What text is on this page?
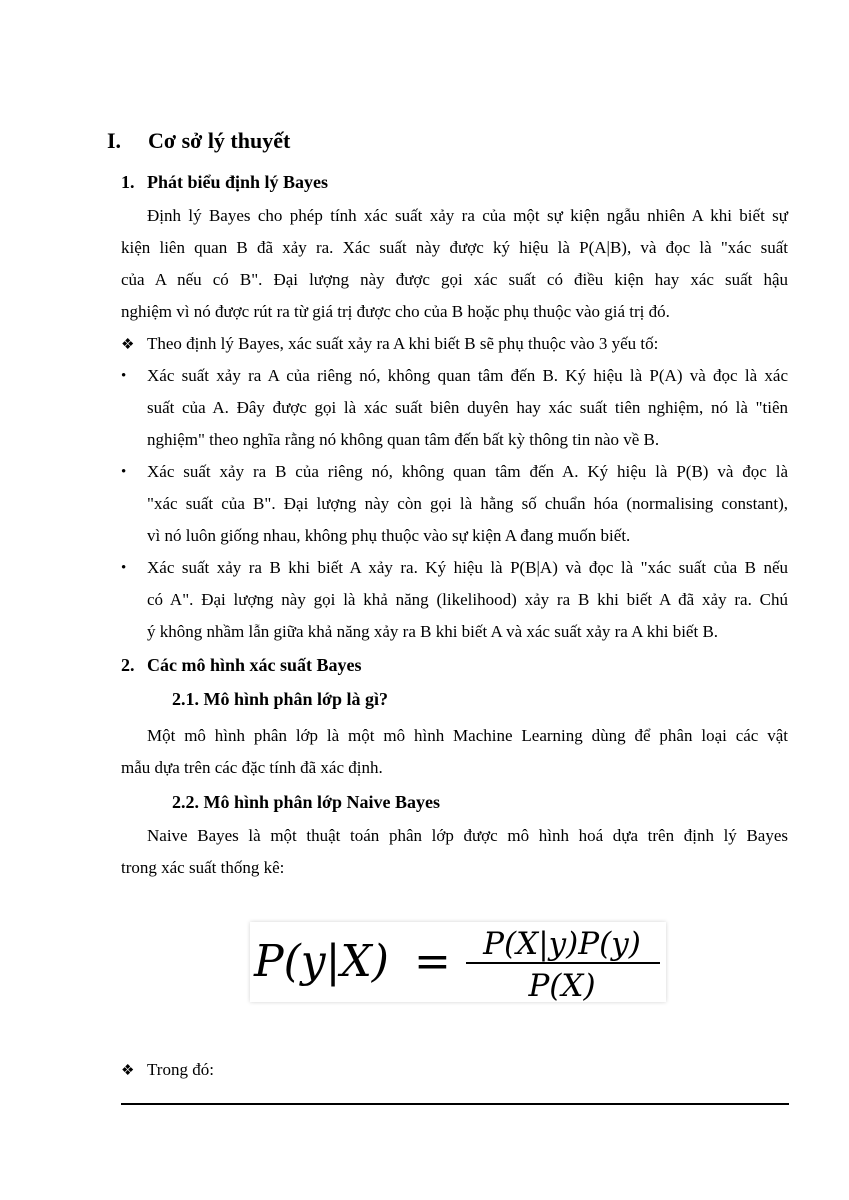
I. Cơ sở lý thuyết
1. Phát biểu định lý Bayes
Định lý Bayes cho phép tính xác suất xảy ra của một sự kiện ngẫu nhiên A khi biết sự
kiện liên quan B đã xảy ra. Xác suất này được ký hiệu là P(A|B), và đọc là "xác suất
của A nếu có B". Đại lượng này được gọi xác suất có điều kiện hay xác suất hậu
nghiệm vì nó được rút ra từ giá trị được cho của B hoặc phụ thuộc vào giá trị đó.
❖ Theo định lý Bayes, xác suất xảy ra A khi biết B sẽ phụ thuộc vào 3 yếu tố:
•	Xác suất xảy ra A của riêng nó, không quan tâm đến B. Ký hiệu là P(A) và đọc là xác
suất của A. Đây được gọi là xác suất biên duyên hay xác suất tiên nghiệm, nó là "tiên
nghiệm" theo nghĩa rằng nó không quan tâm đến bất kỳ thông tin nào về B.
•	Xác suất xảy ra B của riêng nó, không quan tâm đến A. Ký hiệu là P(B) và đọc là
"xác suất của B". Đại lượng này còn gọi là hằng số chuẩn hóa (normalising constant),
vì nó luôn giống nhau, không phụ thuộc vào sự kiện A đang muốn biết.
•	Xác suất xảy ra B khi biết A xảy ra. Ký hiệu là P(B|A) và đọc là "xác suất của B nếu
có A". Đại lượng này gọi là khả năng (likelihood) xảy ra B khi biết A đã xảy ra. Chú
ý không nhầm lẫn giữa khả năng xảy ra B khi biết A và xác suất xảy ra A khi biết B.
2. Các mô hình xác suất Bayes
2.1. Mô hình phân lớp là gì?
Một mô hình phân lớp là một mô hình Machine Learning dùng để phân loại các vật
mẫu dựa trên các đặc tính đã xác định.
2.2. Mô hình phân lớp Naive Bayes
Naive Bayes là một thuật toán phân lớp được mô hình hoá dựa trên định lý Bayes
trong xác suất thống kê:
P(y|X) = P(X|y)P(y)
P(X)
❖ Trong đó:
